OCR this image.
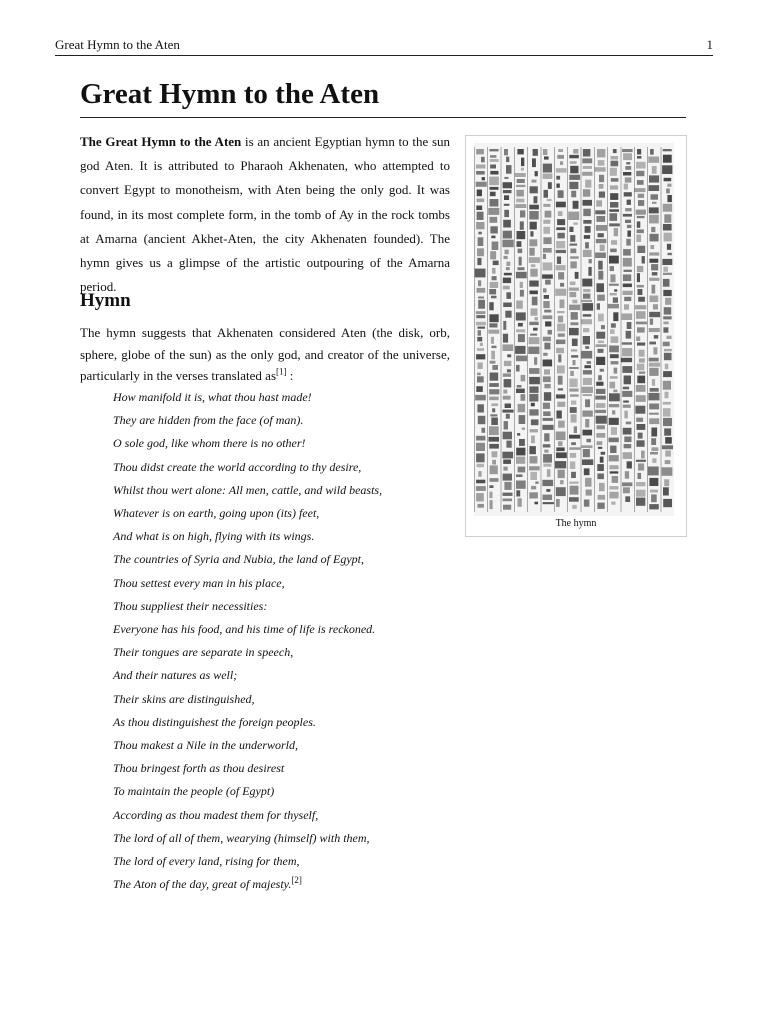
Great Hymn to the Aten	1
Great Hymn to the Aten

The Great Hymn to the Aten is an ancient Egyptian hymn to the sun god Aten. It is attributed to Pharaoh Akhenaten, who attempted to convert Egypt to monotheism, with Aten being the only god. It was found, in its most complete form, in the tomb of Ay in the rock tombs at Amarna (ancient Akhet-Aten, the city Akhenaten founded). The hymn gives us a glimpse of the artistic outpouring of the Amarna period.

Hymn

The hymn suggests that Akhenaten considered Aten (the disk, orb, sphere, globe of the sun) as the only god, and creator of the universe, particularly in the verses translated as[1] :

How manifold it is, what thou hast made!
They are hidden from the face (of man).
O sole god, like whom there is no other!
Thou didst create the world according to thy desire,
Whilst thou wert alone: All men, cattle, and wild beasts,
Whatever is on earth, going upon (its) feet,
And what is on high, flying with its wings.
The countries of Syria and Nubia, the land of Egypt,
Thou settest every man in his place,
Thou suppliest their necessities:
Everyone has his food, and his time of life is reckoned.
Their tongues are separate in speech,
And their natures as well;
Their skins are distinguished,
As thou distinguishest the foreign peoples.
Thou makest a Nile in the underworld,
Thou bringest forth as thou desirest
To maintain the people (of Egypt)
According as thou madest them for thyself,
The lord of all of them, wearying (himself) with them,
The lord of every land, rising for them,
The Aton of the day, great of majesty.[2]
The hymn
